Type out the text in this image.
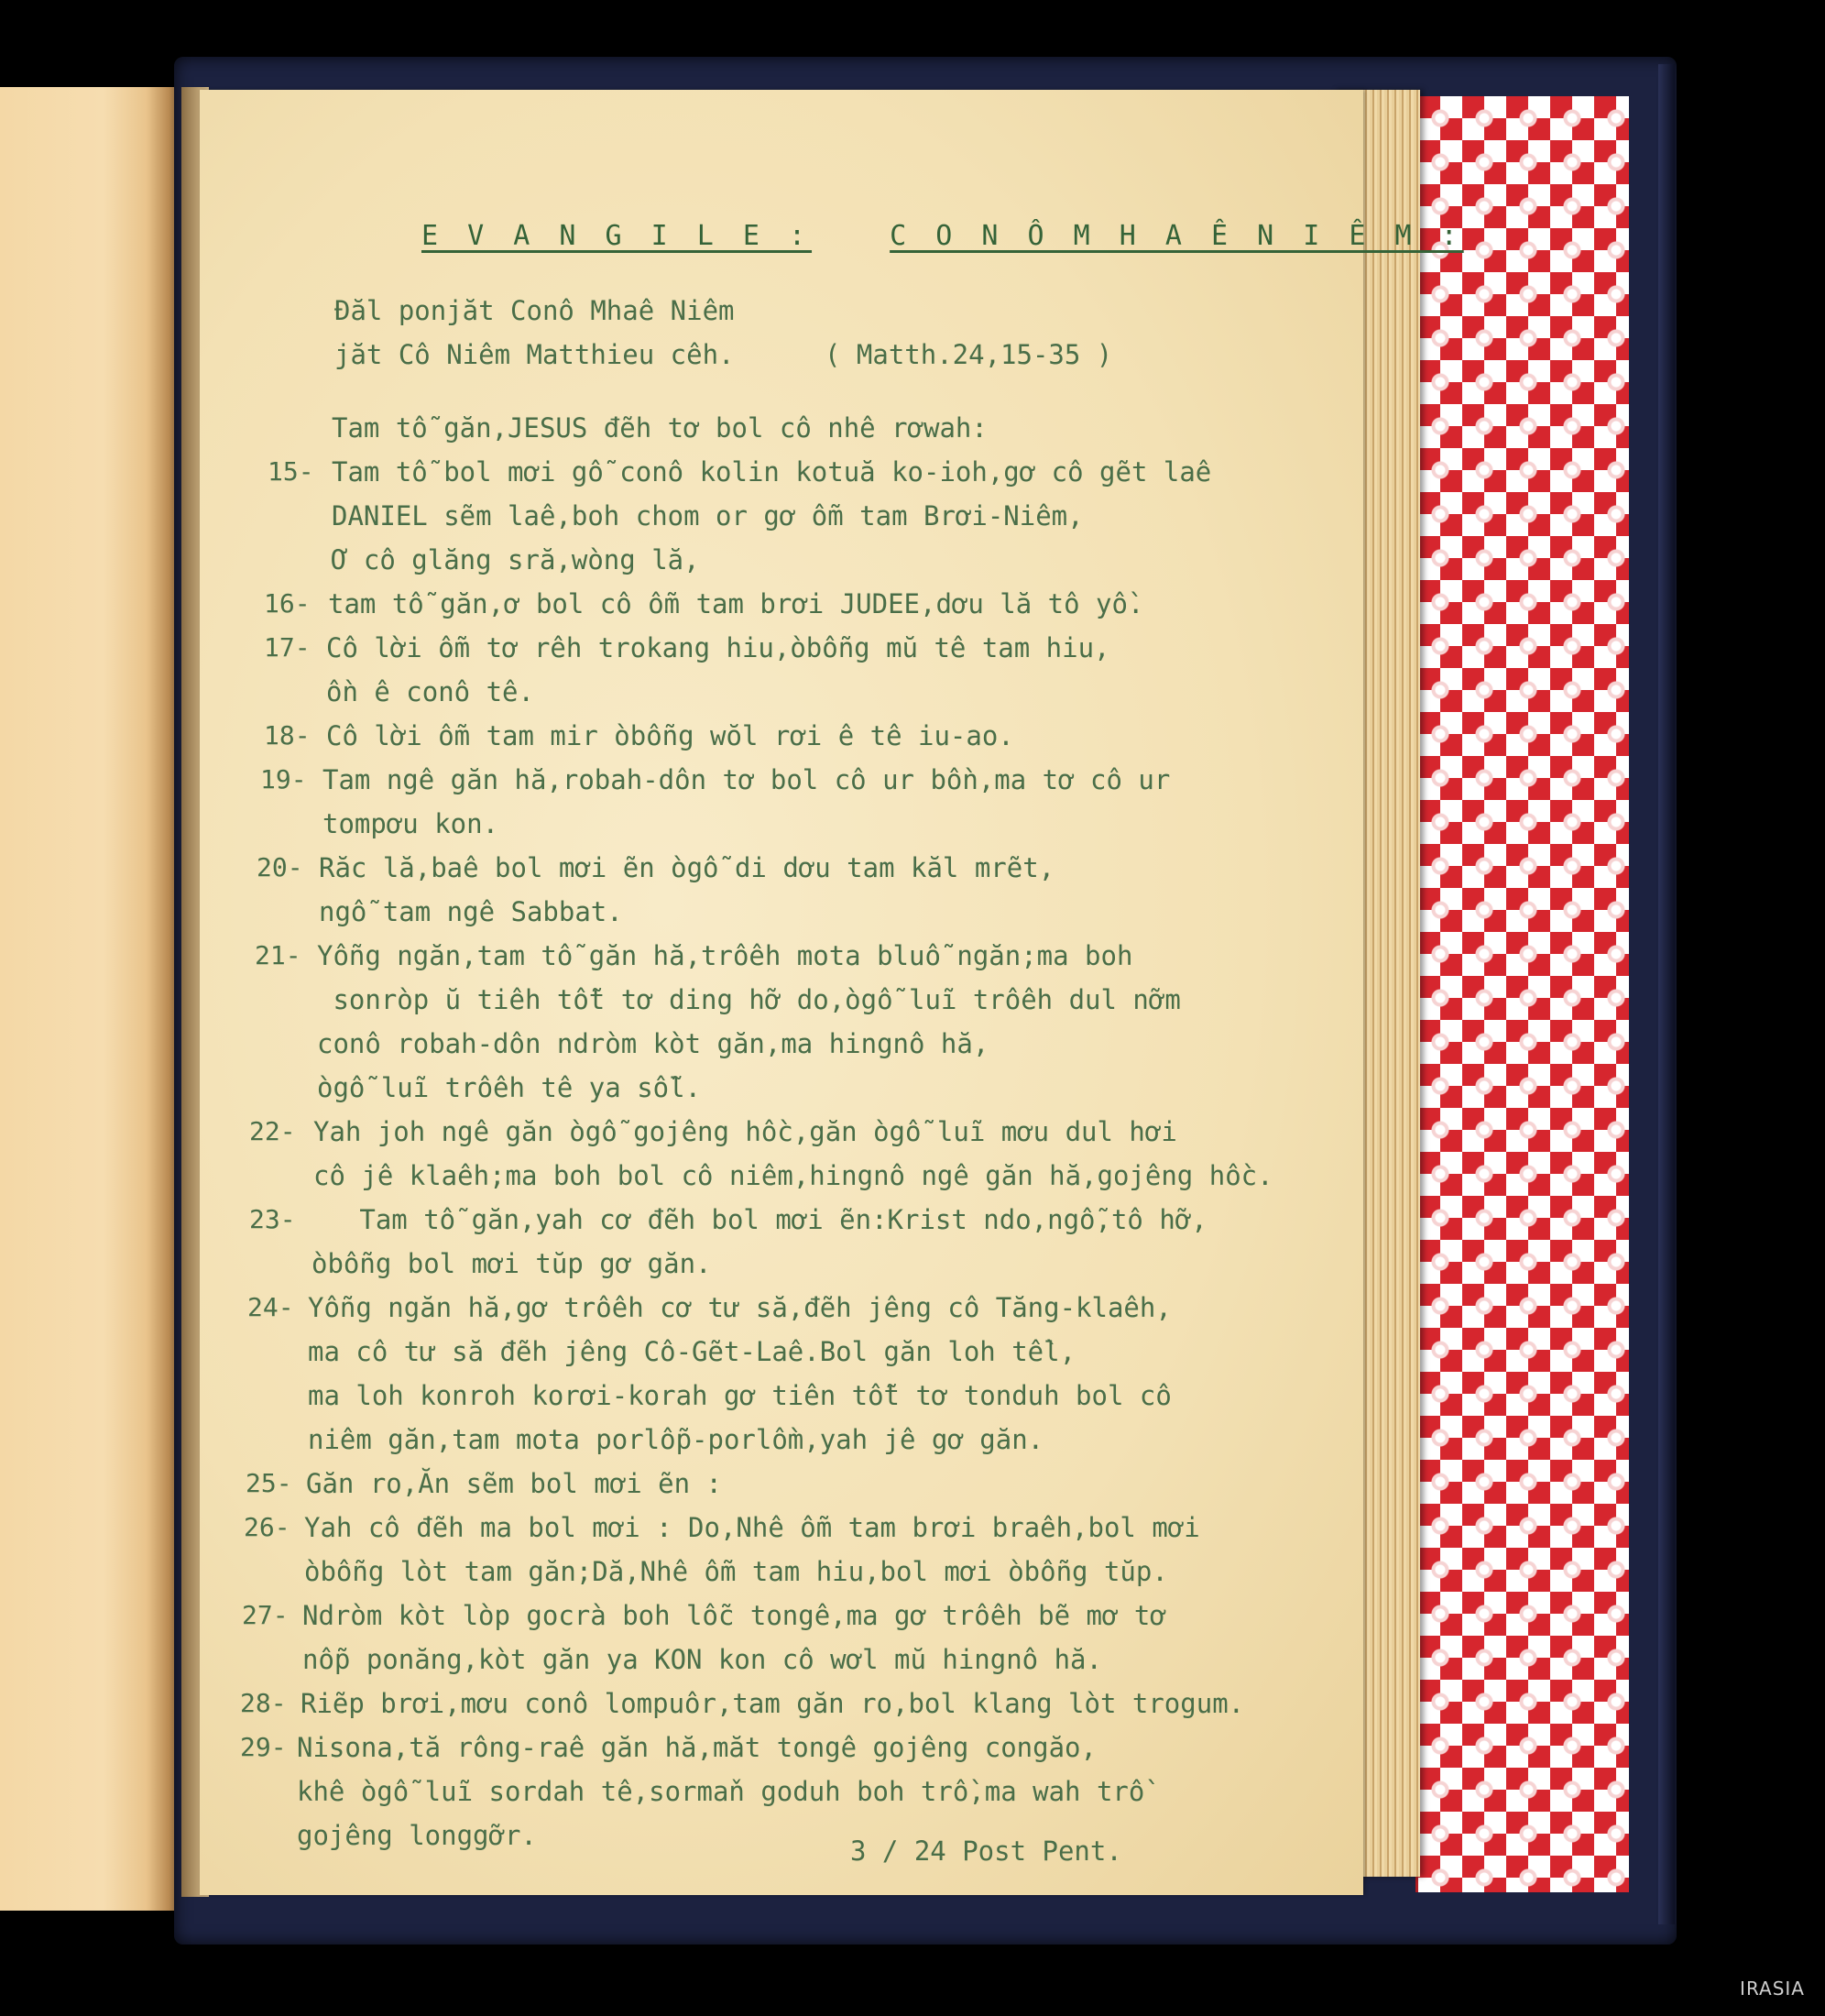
E V A N G I L E :	C O N Ô M H A Ê N I Ê M :
Đăl ponjăt Conô Mhaê Niêm
jăt Cô Niêm Matthieu cêh.	( Matth.24,15-35 )
Tam tỗ găn,JESUS đẽh tơ bol cô nhê rơwah:
15- Tam tỗ bol mơi gỗ conô kolin kotuă ko-ioh,gơ cô gẽt laê
DANIEL sẽm laê,boh chom or gơ ỗm tam Brơi-Niêm,
Ơ cô glăng sră,wòng lă,
16- tam tỗ găn,ơ bol cô ỗm tam brơi JUDEE,dơu lă tô yồ.
17- Cô lời ỗm tơ rêh trokang hiu,òbỗng mŭ tê tam hiu,
ồn ê conô tê.
18- Cô lời ỗm tam mir òbỗng wŏl rơi ê tê iu-ao.
19- Tam ngê găn hă,robah-dôn tơ bol cô ur bồn,ma tơ cô ur
tompơu kon.
20- Răc lă,baê bol mơi ẽn ògỗ di dơu tam kăl mrẽt,
ngỗ tam ngê Sabbat.
21- Yỗng ngăn,tam tỗ găn hă,trôêh mota bluỗ ngăn;ma boh
sonròp ŭ tiêh tỗt tơ ding hỡ do,ògỗ luĩ trôêh dul nỡm
conô robah-dôn ndròm kòt găn,ma hingnô hă,
ògỗ luĩ trôêh tê ya sỗl.
22- Yah joh ngê găn ògỗ gojêng hồc,găn ògỗ luĩ mơu dul hơi
cô jê klaêh;ma boh bol cô niêm,hingnô ngê găn hă,gojêng hồc.
23- Tam tỗ găn,yah cơ đẽh bol mơi ẽn:Krist ndo,ngỗ,tô hỡ,
òbỗng bol mơi tŭp gơ găn.
24- Yỗng ngăn hă,gơ trôêh cơ tư să,đẽh jêng cô Tăng-klaêh,
ma cô tư să đẽh jêng Cô-Gẽt-Laê.Bol găn loh tềl,
ma loh konroh korơi-korah gơ tiên tỗt tơ tonduh bol cô
niêm găn,tam mota porlỗp-porlồm,yah jê gơ găn.
25- Găn ro,Ăn sẽm bol mơi ẽn :
26- Yah cô đẽh ma bol mơi : Do,Nhê ỗm tam brơi braêh,bol mơi
òbỗng lòt tam găn;Dă,Nhê ỗm tam hiu,bol mơi òbỗng tŭp.
27- Ndròm kòt lòp gocrà boh lỗc tongê,ma gơ trôêh bẽ mơ tơ
nỗp ponăng,kòt găn ya KON kon cô wơl mŭ hingnô hă.
28- Riẽp brơi,mơu conô lompuôr,tam găn ro,bol klang lòt trogum.
29- Nisona,tă rông-raê găn hă,măt tongê gojêng congăo,
khê ògỗ luĩ sordah tê,sormaň goduh boh trồ,ma wah trồ
gojêng longgỡr.	3 / 24 Post Pent.
IRASIA
